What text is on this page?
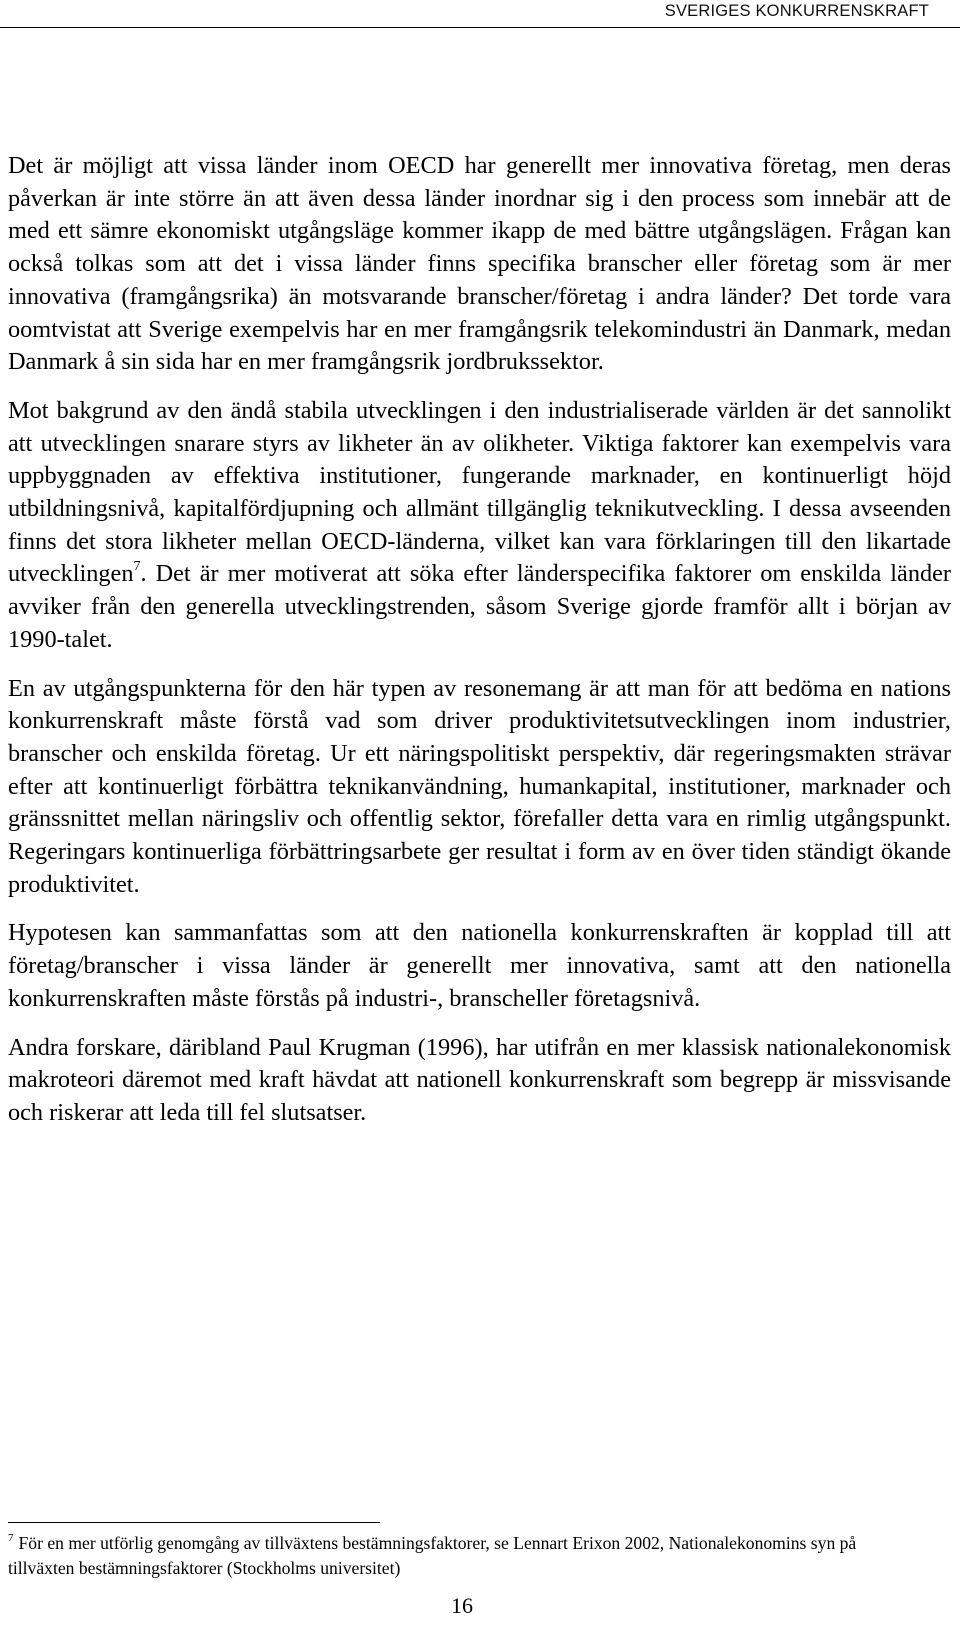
SVERIGES KONKURRENSKRAFT

Det är möjligt att vissa länder inom OECD har generellt mer innovativa företag, men deras påverkan är inte större än att även dessa länder inordnar sig i den process som innebär att de med ett sämre ekonomiskt utgångsläge kommer ikapp de med bättre utgångslägen. Frågan kan också tolkas som att det i vissa länder finns specifika branscher eller företag som är mer innovativa (framgångsrika) än motsvarande branscher/företag i andra länder? Det torde vara oomtvistat att Sverige exempelvis har en mer framgångsrik telekomindustri än Danmark, medan Danmark å sin sida har en mer framgångsrik jordbrukssektor.

Mot bakgrund av den ändå stabila utvecklingen i den industrialiserade världen är det sannolikt att utvecklingen snarare styrs av likheter än av olikheter. Viktiga faktorer kan exempelvis vara uppbyggnaden av effektiva institutioner, fungerande marknader, en kontinuerligt höjd utbildningsnivå, kapitalfördjupning och allmänt tillgänglig teknikutveckling. I dessa avseenden finns det stora likheter mellan OECD-länderna, vilket kan vara förklaringen till den likartade utvecklingen$^7$. Det är mer motiverat att söka efter länderspecifika faktorer om enskilda länder avviker från den generella utvecklingstrenden, såsom Sverige gjorde framför allt i början av 1990-talet.

En av utgångspunkterna för den här typen av resonemang är att man för att bedöma en nations konkurrenskraft måste förstå vad som driver produktivitetsutvecklingen inom industrier, branscher och enskilda företag. Ur ett näringspolitiskt perspektiv, där regeringsmakten strävar efter att kontinuerligt förbättra teknikanvändning, humankapital, institutioner, marknader och gränssnittet mellan näringsliv och offentlig sektor, förefaller detta vara en rimlig utgångspunkt. Regeringars kontinuerliga förbättringsarbete ger resultat i form av en över tiden ständigt ökande produktivitet.

Hypotesen kan sammanfattas som att den nationella konkurrenskraften är kopplad till att företag/branscher i vissa länder är generellt mer innovativa, samt att den nationella konkurrenskraften måste förstås på industri-, branscheller företagsnivå.

Andra forskare, däribland Paul Krugman (1996), har utifrån en mer klassisk nationalekonomisk makroteori däremot med kraft hävdat att nationell konkurrenskraft som begrepp är missvisande och riskerar att leda till fel slutsatser.

$^7$ För en mer utförlig genomgång av tillväxtens bestämningsfaktorer, se Lennart Erixon 2002, Nationalekonomins syn på tillväxten bestämningsfaktorer (Stockholms universitet)
16
